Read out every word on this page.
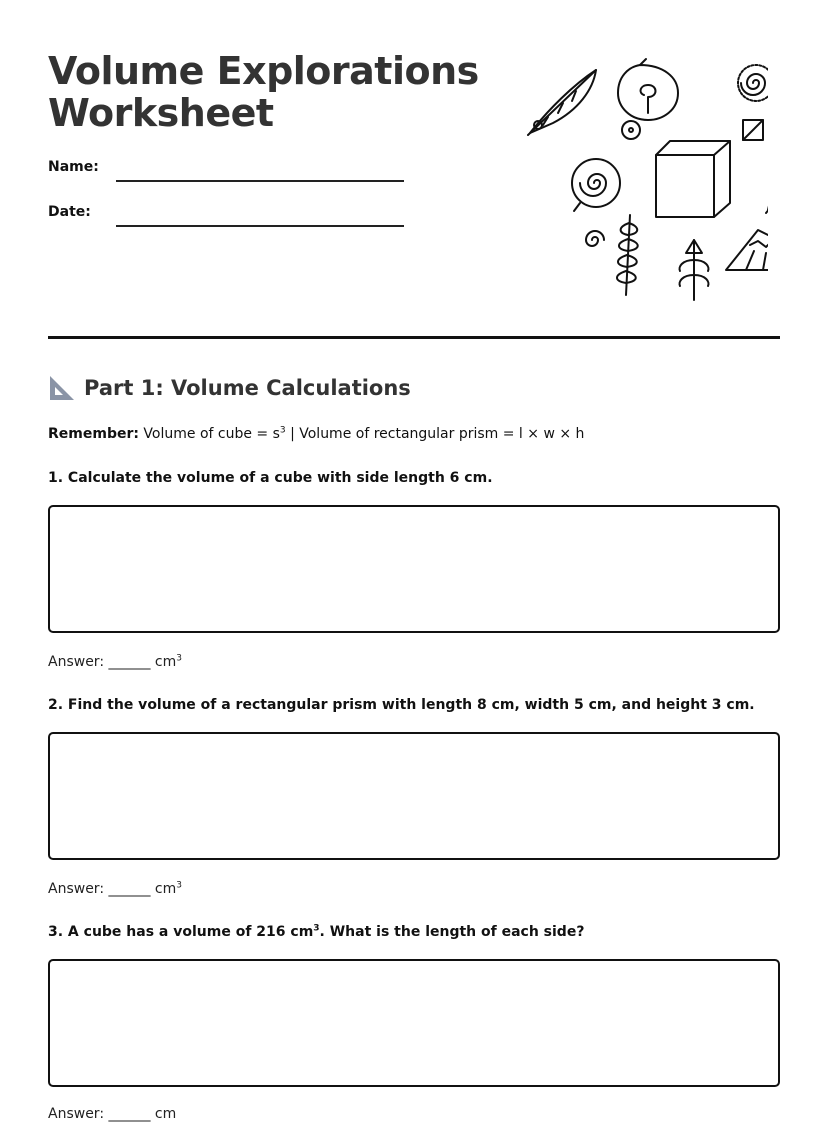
Volume Explorations
Worksheet
Name:
Date:
Part 1: Volume Calculations
Remember: Volume of cube = $s^3$ | Volume of rectangular prism = l × w × h
1. Calculate the volume of a cube with side length 6 cm.
Answer: ______ $cm^3$
2. Find the volume of a rectangular prism with length 8 cm, width 5 cm, and height 3 cm.
Answer: ______ $cm^3$
3. A cube has a volume of 216 $cm^3$. What is the length of each side?
Answer: ______ cm
